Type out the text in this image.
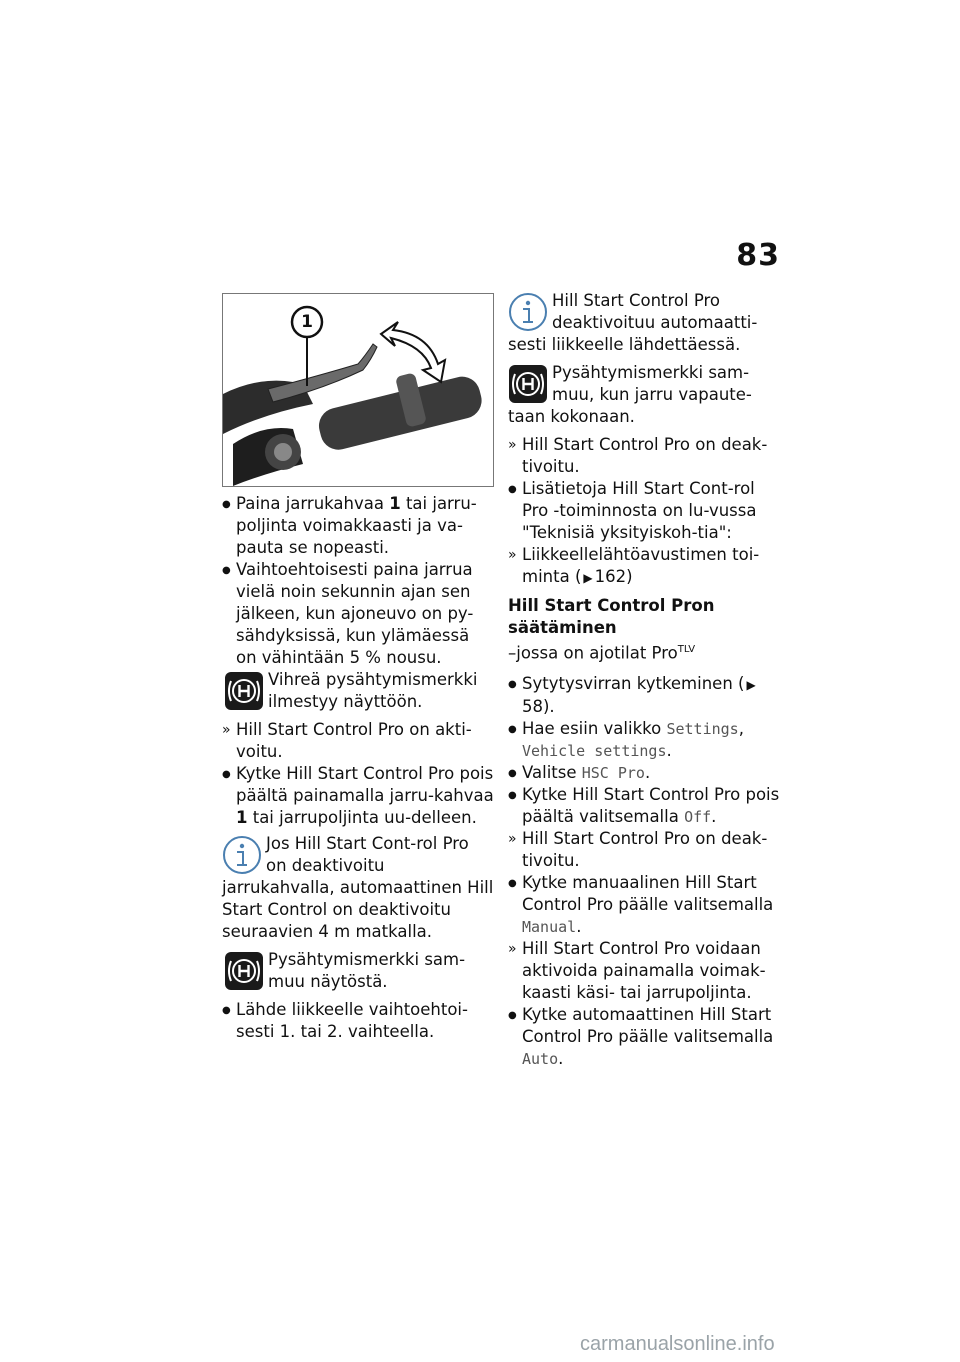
83
1
● Paina jarrukahvaa 1 tai jarru-poljinta voimakkaasti ja va-pauta se nopeasti.
● Vaihtoehtoisesti paina jarrua vielä noin sekunnin ajan sen jälkeen, kun ajoneuvo on py-sähdyksissä, kun ylämäessä on vähintään 5 % nousu.
Vihreä pysähtymismerkki ilmestyy näyttöön.
» Hill Start Control Pro on akti-voitu.
● Kytke Hill Start Control Pro pois päältä painamalla jarru-kahvaa 1 tai jarrupoljinta uu-delleen.
Jos Hill Start Cont-rol Pro on deaktivoitu jarrukahvalla, automaattinen Hill Start Control on deaktivoitu seuraavien 4 m matkalla.
Pysähtymismerkki sam-muu näytöstä.
● Lähde liikkeelle vaihtoehtoi-sesti 1. tai 2. vaihteella.
Hill Start Control Pro deaktivoituu automaatti-sesti liikkeelle lähdettäessä.
Pysähtymismerkki sam-muu, kun jarru vapaute-taan kokonaan.
» Hill Start Control Pro on deak-tivoitu.
● Lisätietoja Hill Start Cont-rol Pro -toiminnosta on lu-vussa "Teknisiä yksityiskoh-tia":
» Liikkeellelähtöavustimen toi-minta ( ▶ 162)
Hill Start Control Pron säätäminen
–jossa on ajotilat Pro$^{TLV}$
● Sytytysvirran kytkeminen ( ▶58).
● Hae esiin valikko Settings, Vehicle settings.
● Valitse HSC Pro.
● Kytke Hill Start Control Pro pois päältä valitsemalla Off.
» Hill Start Control Pro on deak-tivoitu.
● Kytke manuaalinen Hill Start Control Pro päälle valitsemalla Manual.
» Hill Start Control Pro voidaan aktivoida painamalla voimak-kaasti käsi- tai jarrupoljinta.
● Kytke automaattinen Hill Start Control Pro päälle valitsemalla Auto.
carmanualsonline.info
